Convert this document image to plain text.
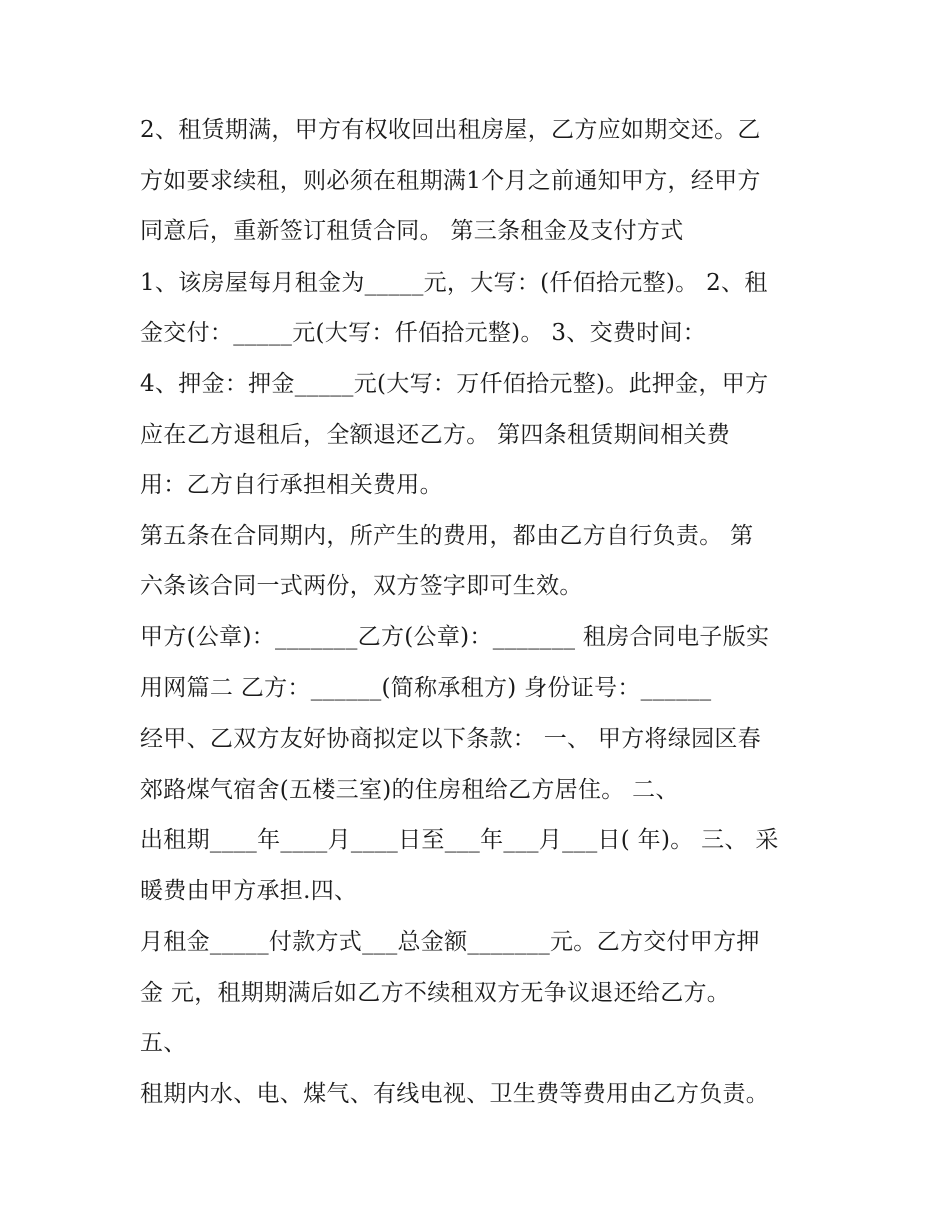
2、租赁期满，甲方有权收回出租房屋，乙方应如期交还。乙
方如要求续租，则必须在租期满1个月之前通知甲方，经甲方
同意后，重新签订租赁合同。 第三条租金及支付方式
1、该房屋每月租金为_____元，大写：(仟佰拾元整)。 2、租
金交付：_____元(大写：仟佰拾元整)。 3、交费时间：
4、押金：押金_____元(大写：万仟佰拾元整)。此押金，甲方
应在乙方退租后，全额退还乙方。 第四条租赁期间相关费
用：乙方自行承担相关费用。
第五条在合同期内，所产生的费用，都由乙方自行负责。 第
六条该合同一式两份，双方签字即可生效。
甲方(公章)：_______乙方(公章)：_______ 租房合同电子版实
用网篇二 乙方：______(简称承租方) 身份证号：______
经甲、乙双方友好协商拟定以下条款： 一、 甲方将绿园区春
郊路煤气宿舍(五楼三室)的住房租给乙方居住。 二、
出租期____年____月____日至___年___月___日( 年)。 三、 采
暖费由甲方承担.四、
月租金_____付款方式___总金额_______元。乙方交付甲方押
金 元，租期期满后如乙方不续租双方无争议退还给乙方。
五、
租期内水、电、煤气、有线电视、卫生费等费用由乙方负责。
